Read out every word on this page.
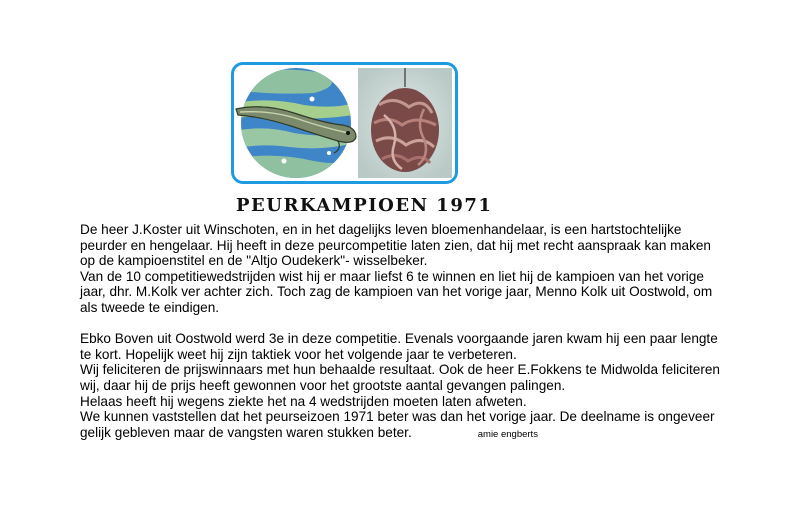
PEURKAMPIOEN 1971

De heer J.Koster uit Winschoten, en in het dagelijks leven bloemenhandelaar, is een hartstochtelijke peurder en hengelaar. Hij heeft in deze peurcompetitie laten zien, dat hij met recht aanspraak kan maken op de kampioenstitel en de "Altjo Oudekerk"- wisselbeker.

Van de 10 competitiewedstrijden wist hij er maar liefst 6 te winnen en liet hij de kampioen van het vorige jaar, dhr. M.Kolk ver achter zich. Toch zag de kampioen van het vorige jaar, Menno Kolk uit Oostwold, om als tweede te eindigen.

Ebko Boven uit Oostwold werd 3e in deze competitie. Evenals voorgaande jaren kwam hij een paar lengte te kort. Hopelijk weet hij zijn taktiek voor het volgende jaar te verbeteren.

Wij feliciteren de prijswinnaars met hun behaalde resultaat. Ook de heer E.Fokkens te Midwolda feliciteren wij, daar hij de prijs heeft gewonnen voor het grootste aantal gevangen palingen.

Helaas heeft hij wegens ziekte het na 4 wedstrijden moeten laten afweten.

We kunnen vaststellen dat het peurseizoen 1971 beter was dan het vorige jaar. De deelname is ongeveer gelijk gebleven maar de vangsten waren stukken beter.	amie engberts
